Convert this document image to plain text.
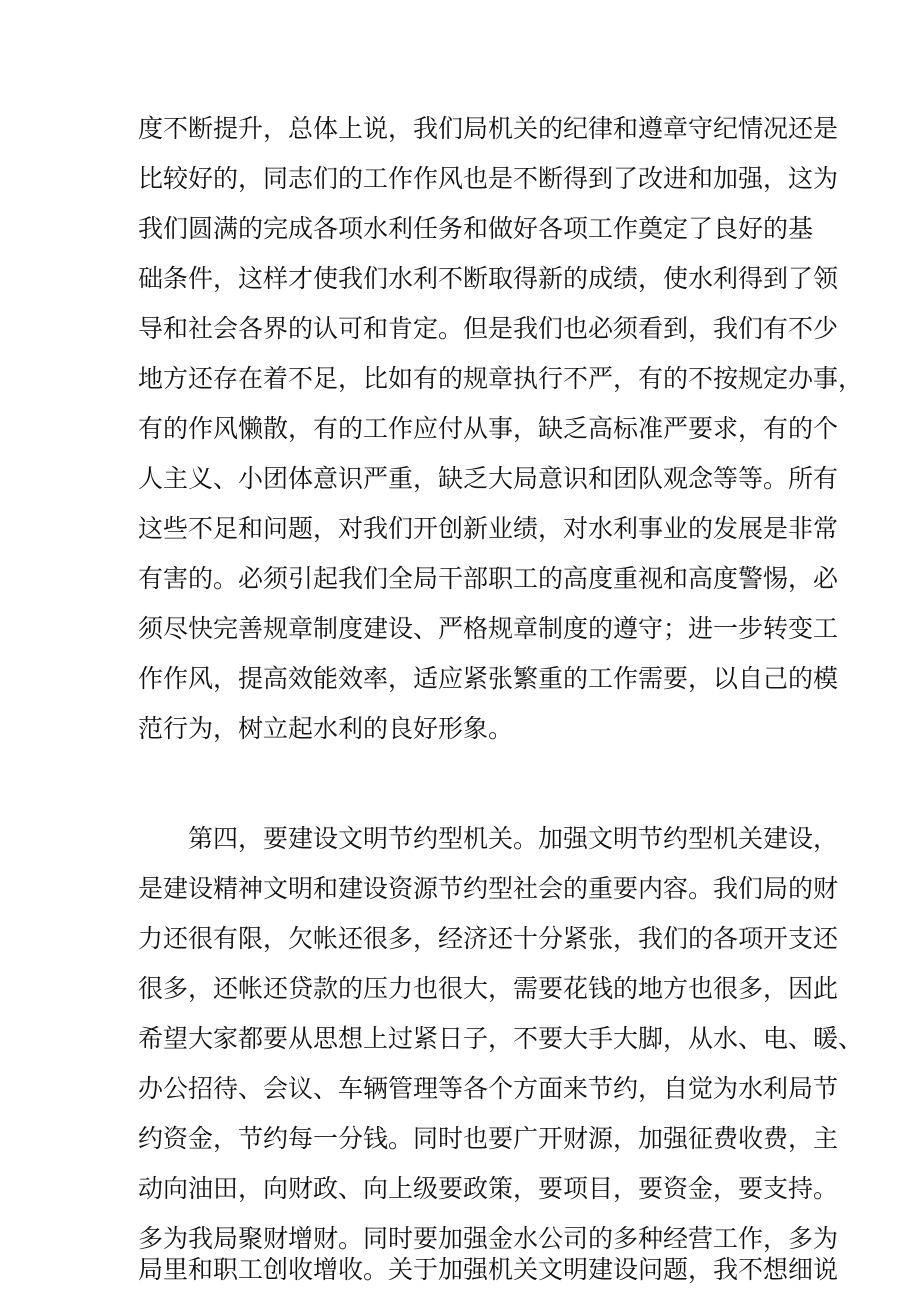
度不断提升，总体上说，我们局机关的纪律和遵章守纪情况还是
比较好的，同志们的工作作风也是不断得到了改进和加强，这为
我们圆满的完成各项水利任务和做好各项工作奠定了良好的基
础条件，这样才使我们水利不断取得新的成绩，使水利得到了领
导和社会各界的认可和肯定。但是我们也必须看到，我们有不少
地方还存在着不足，比如有的规章执行不严，有的不按规定办事，
有的作风懒散，有的工作应付从事，缺乏高标准严要求，有的个
人主义、小团体意识严重，缺乏大局意识和团队观念等等。所有
这些不足和问题，对我们开创新业绩，对水利事业的发展是非常
有害的。必须引起我们全局干部职工的高度重视和高度警惕，必
须尽快完善规章制度建设、严格规章制度的遵守；进一步转变工
作作风，提高效能效率，适应紧张繁重的工作需要，以自己的模
范行为，树立起水利的良好形象。
第四，要建设文明节约型机关。加强文明节约型机关建设，
是建设精神文明和建设资源节约型社会的重要内容。我们局的财
力还很有限，欠帐还很多，经济还十分紧张，我们的各项开支还
很多，还帐还贷款的压力也很大，需要花钱的地方也很多，因此
希望大家都要从思想上过紧日子，不要大手大脚，从水、电、暖、
办公招待、会议、车辆管理等各个方面来节约，自觉为水利局节
约资金，节约每一分钱。同时也要广开财源，加强征费收费，主
动向油田，向财政、向上级要政策，要项目，要资金，要支持。
多为我局聚财增财。同时要加强金水公司的多种经营工作，多为
局里和职工创收增收。关于加强机关文明建设问题，我不想细说
